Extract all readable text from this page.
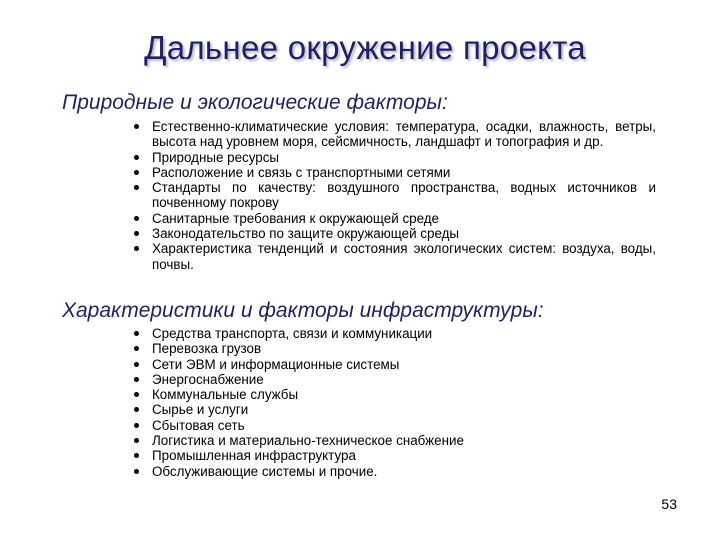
Дальнее окружение проекта
Природные и экологические факторы:
Естественно-климатические условия: температура, осадки, влажность, ветры, высота над уровнем моря, сейсмичность, ландшафт и топография и др.
Природные ресурсы
Расположение и связь с транспортными сетями
Стандарты по качеству: воздушного пространства, водных источников и почвенному покрову
Санитарные требования к окружающей среде
Законодательство по защите окружающей среды
Характеристика тенденций и состояния экологических систем: воздуха, воды, почвы.
Характеристики и факторы инфраструктуры:
Средства транспорта, связи и коммуникации
Перевозка грузов
Сети ЭВМ и информационные системы
Энергоснабжение
Коммунальные службы
Сырье и услуги
Сбытовая сеть
Логистика и материально-техническое снабжение
Промышленная инфраструктура
Обслуживающие системы и прочие.
53
